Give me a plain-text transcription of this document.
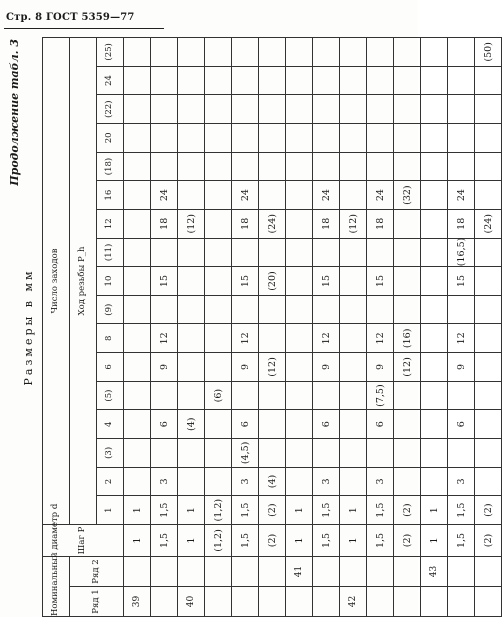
Стр. 8 ГОСТ 5359—77
Продолжение табл. 3
Размеры в мм
Номинальный диаметр d		Шаг P	Число заходов																
Ряд 1	Ряд 2		Ход резьбы P_h																
			1	2	(3)	4	(5)	6	8	(9)	10	(11)	12	16	(18)	20	(22)	24	(25)
39		1	1																
		1,5	1,5	3		6		9	12		15		18	24					
40		1	1			(4)							(12)						
		(1,2)	(1,2)				(6)												
		1,5	1,5	3	(4,5)	6		9	12		15		18	24					
		(2)	(2)	(4)				(12)			(20)		(24)						
	41	1	1																
		1,5	1,5	3		6		9	12		15		18	24					
42		1	1										(12)						
		1,5	1,5	3		6	(7,5)	9	12		15		18	24					
		(2)	(2)					(12)	(16)					(32)					
	43	1	1																
		1,5	1,5	3		6		9	12		15	(16,5)	18	24					
		(2)	(2)										(24)						(50)
